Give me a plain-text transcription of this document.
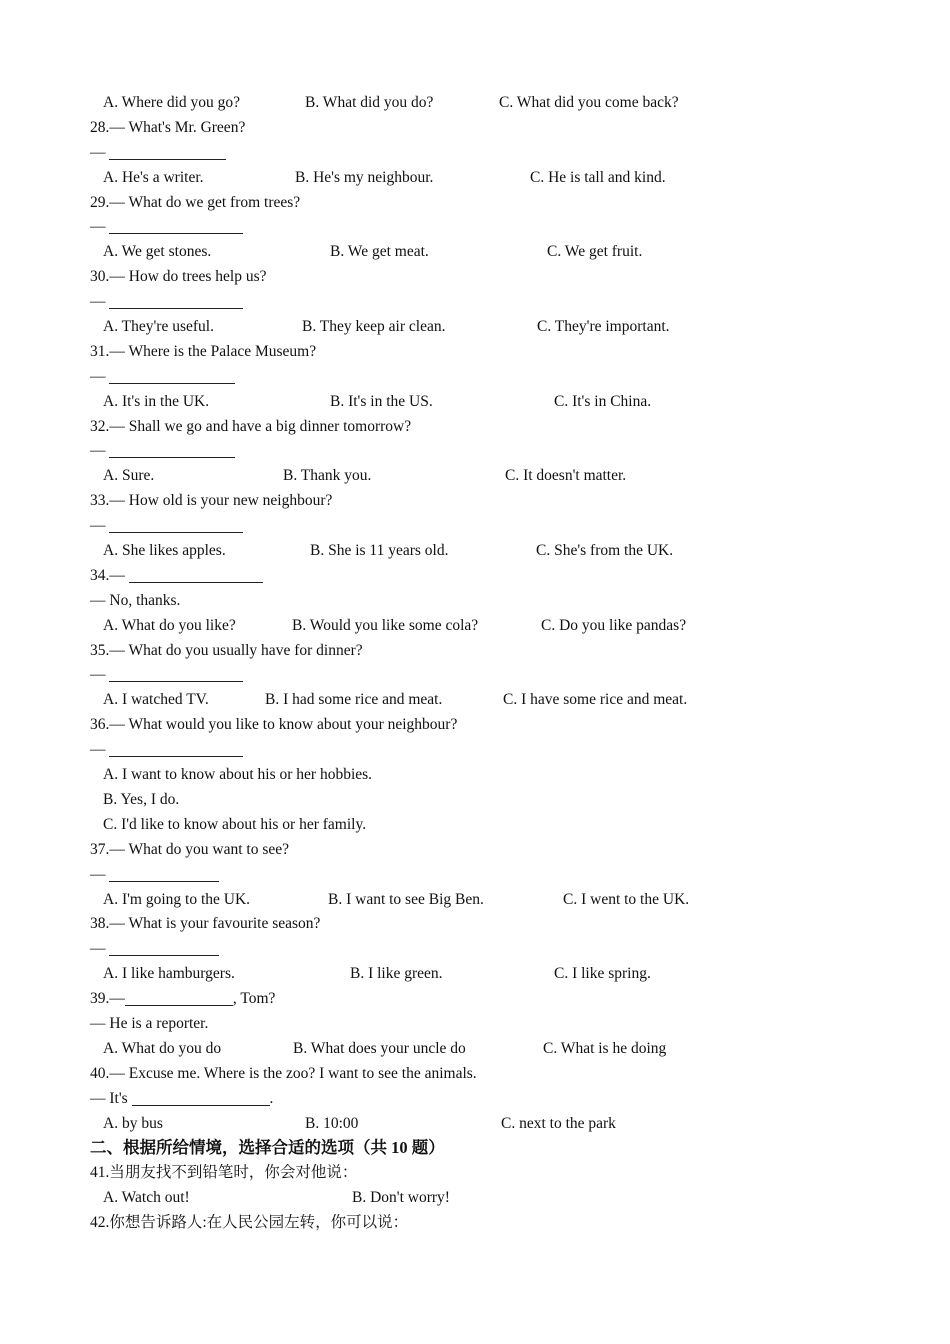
A. Where did you go?

	B. What did you do?

	C. What did you come back?

28.— What's Mr. Green?
—

A. He's a writer.

	B. He's my neighbour.

	C. He is tall and kind.

29.— What do we get from trees?
—

A. We get stones.

	B. We get meat.

	C. We get fruit.

30.— How do trees help us?
—

A. They're useful.

	B. They keep air clean.

	C. They're important.

31.— Where is the Palace Museum?
—

A. It's in the UK.

	B. It's in the US.

	C. It's in China.

32.— Shall we go and have a big dinner tomorrow?
—

A. Sure.

	B. Thank you.

	C. It doesn't matter.

33.— How old is your new neighbour?
—

A. She likes apples.

	B. She is 11 years old.

	C. She's from the UK.

34.—
— No, thanks.

A. What do you like?

	B. Would you like some cola?

	C. Do you like pandas?

35.— What do you usually have for dinner?
—

A. I watched TV.

	B. I had some rice and meat.

	C. I have some rice and meat.

36.— What would you like to know about your neighbour?
—
A. I want to know about his or her hobbies.
B. Yes, I do.
C. I'd like to know about his or her family.
37.— What do you want to see?
—

A. I'm going to the UK.

	B. I want to see Big Ben.

	C. I went to the UK.

38.— What is your favourite season?
—

A. I like hamburgers.

	B. I like green.

	C. I like spring.

39.—	, Tom?
— He is a reporter.

A. What do you do

	B. What does your uncle do

	C. What is he doing

40.— Excuse me. Where is the zoo? I want to see the animals.
— It's	.

A. by bus

	B. 10:00

	C. next to the park

二、根据所给情境，选择合适的选项（共 10 题）
41.当朋友找不到铅笔时，你会对他说：

A. Watch out!

	B. Don't worry!

42.你想告诉路人:在人民公园左转，你可以说：
